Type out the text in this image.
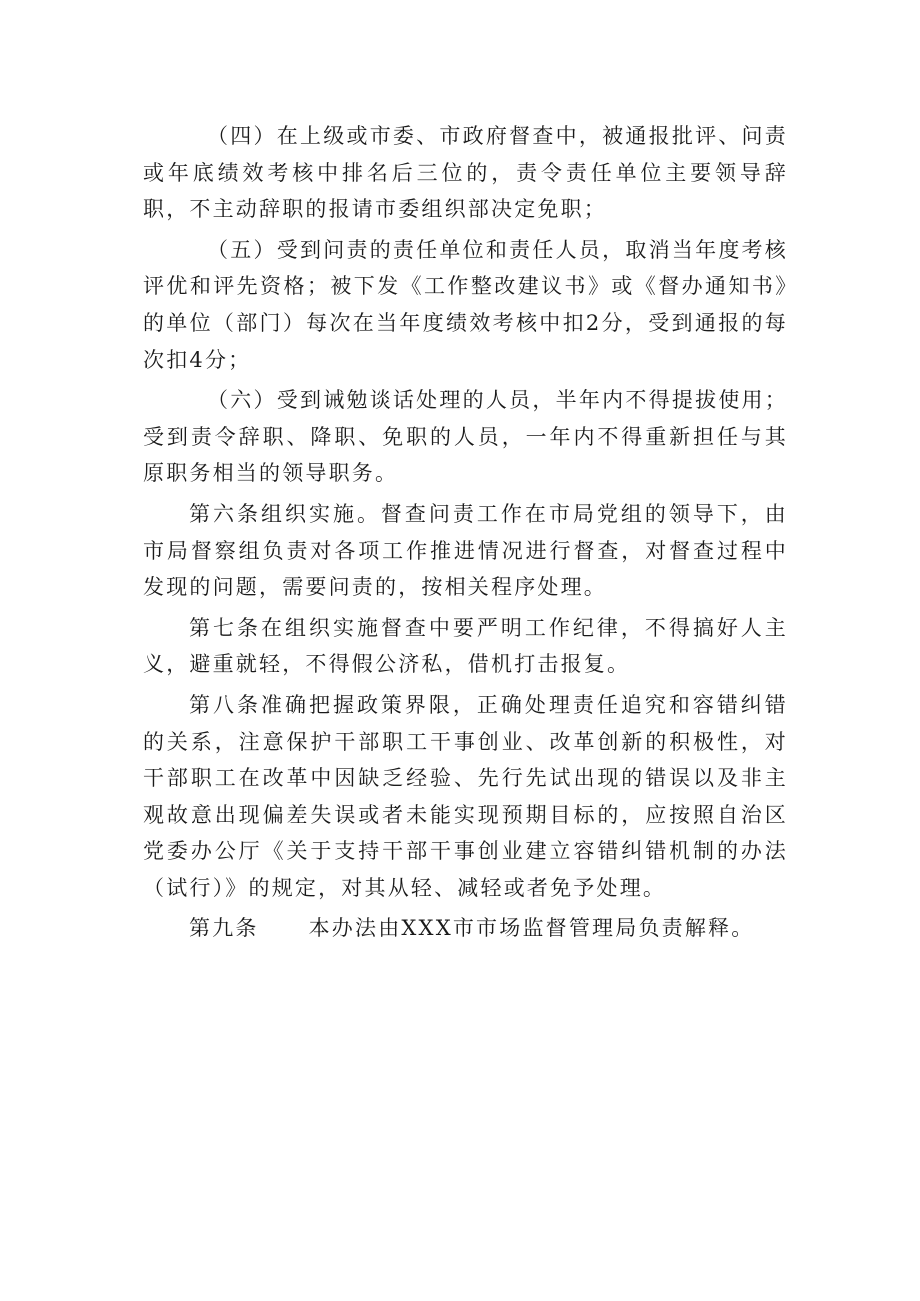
（四）在上级或市委、市政府督查中，被通报批评、问责或年底绩效考核中排名后三位的，责令责任单位主要领导辞职，不主动辞职的报请市委组织部决定免职；

（五）受到问责的责任单位和责任人员，取消当年度考核评优和评先资格；被下发《工作整改建议书》或《督办通知书》的单位（部门）每次在当年度绩效考核中扣2分，受到通报的每次扣4分；

（六）受到诫勉谈话处理的人员，半年内不得提拔使用；受到责令辞职、降职、免职的人员，一年内不得重新担任与其原职务相当的领导职务。

第六条组织实施。督查问责工作在市局党组的领导下，由市局督察组负责对各项工作推进情况进行督查，对督查过程中发现的问题，需要问责的，按相关程序处理。

第七条在组织实施督查中要严明工作纪律，不得搞好人主义，避重就轻，不得假公济私，借机打击报复。

第八条准确把握政策界限，正确处理责任追究和容错纠错的关系，注意保护干部职工干事创业、改革创新的积极性，对干部职工在改革中因缺乏经验、先行先试出现的错误以及非主观故意出现偏差失误或者未能实现预期目标的，应按照自治区党委办公厅《关于支持干部干事创业建立容错纠错机制的办法（试行）》的规定，对其从轻、减轻或者免予处理。

第九条 本办法由XXX市市场监督管理局负责解释。
